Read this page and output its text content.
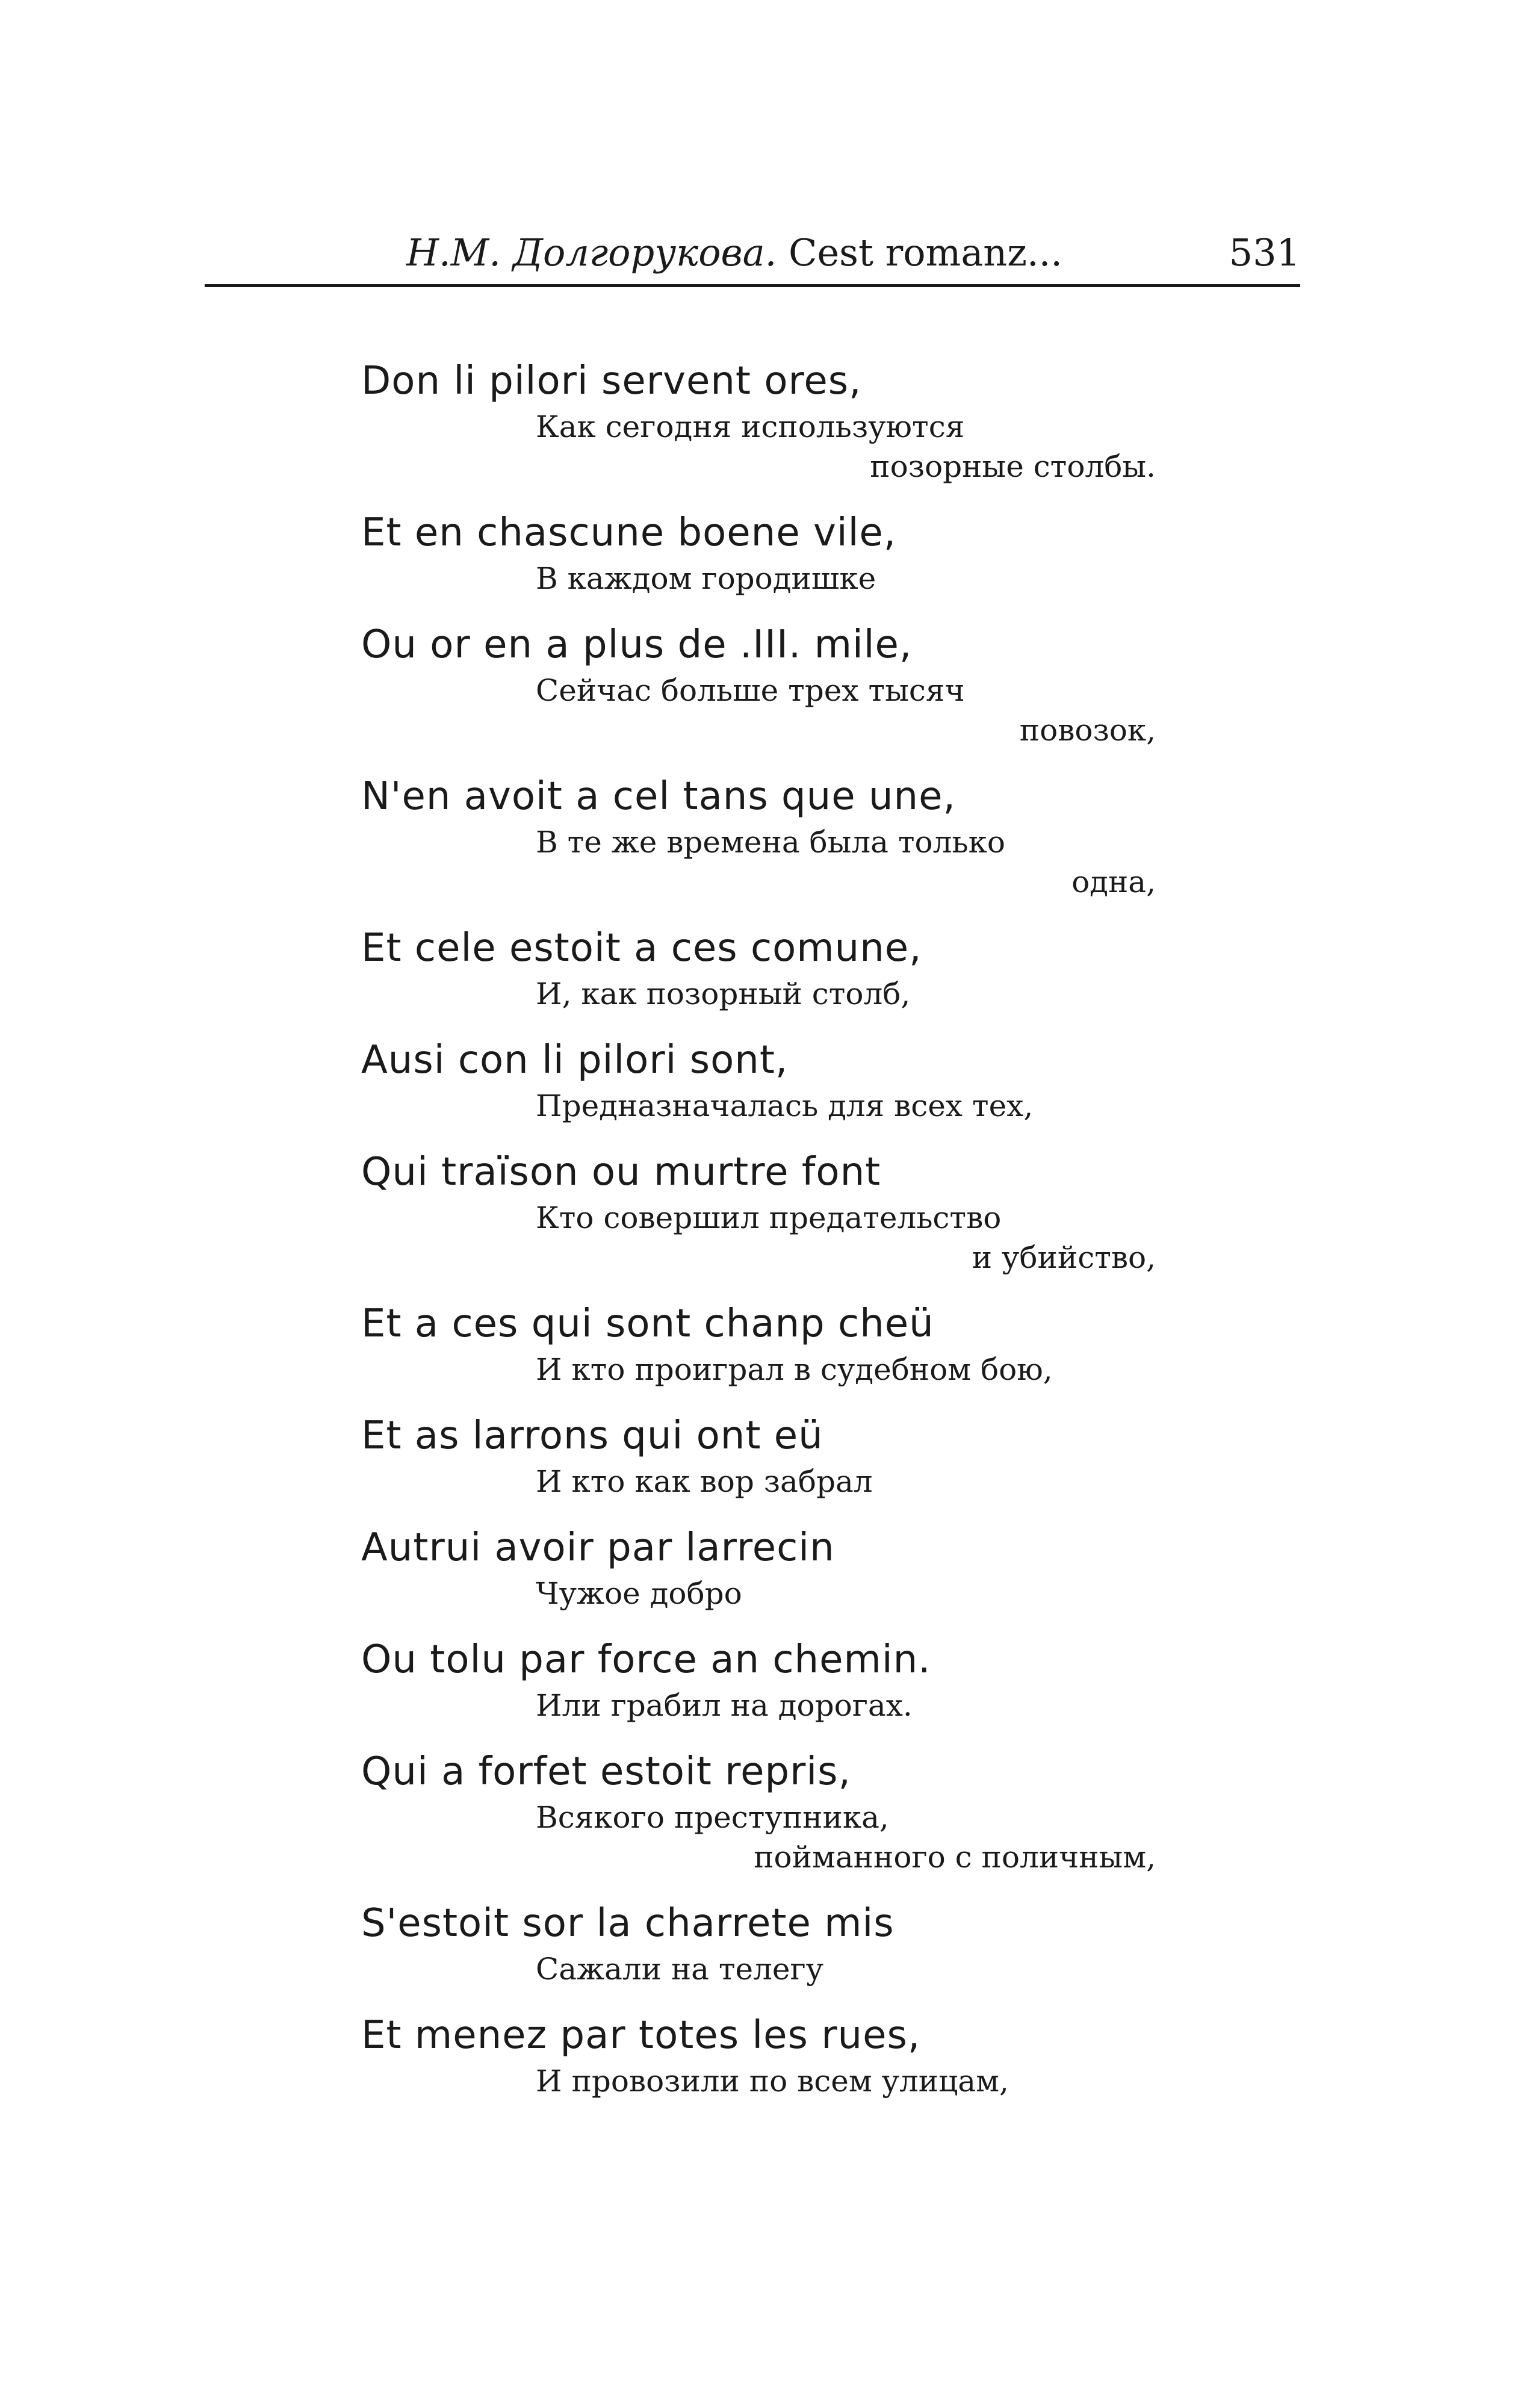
Н.М. Долгорукова. Cest romanz...	531
Don li pilori servent ores,
Как сегодня используются
позорные столбы.
Et en chascune boene vile,
В каждом городишке
Ou or en a plus de .III. mile,
Сейчас больше трех тысяч
повозок,
N'en avoit a cel tans que une,
В те же времена была только
одна,
Et cele estoit a ces comune,
И, как позорный столб,
Ausi con li pilori sont,
Предназначалась для всех тех,
Qui traïson ou murtre font
Кто совершил предательство
и убийство,
Et a ces qui sont chanp cheü
И кто проиграл в судебном бою,
Et as larrons qui ont eü
И кто как вор забрал
Autrui avoir par larrecin
Чужое добро
Ou tolu par force an chemin.
Или грабил на дорогах.
Qui a forfet estoit repris,
Всякого преступника,
пойманного с поличным,
S'estoit sor la charrete mis
Сажали на телегу
Et menez par totes les rues,
И провозили по всем улицам,
